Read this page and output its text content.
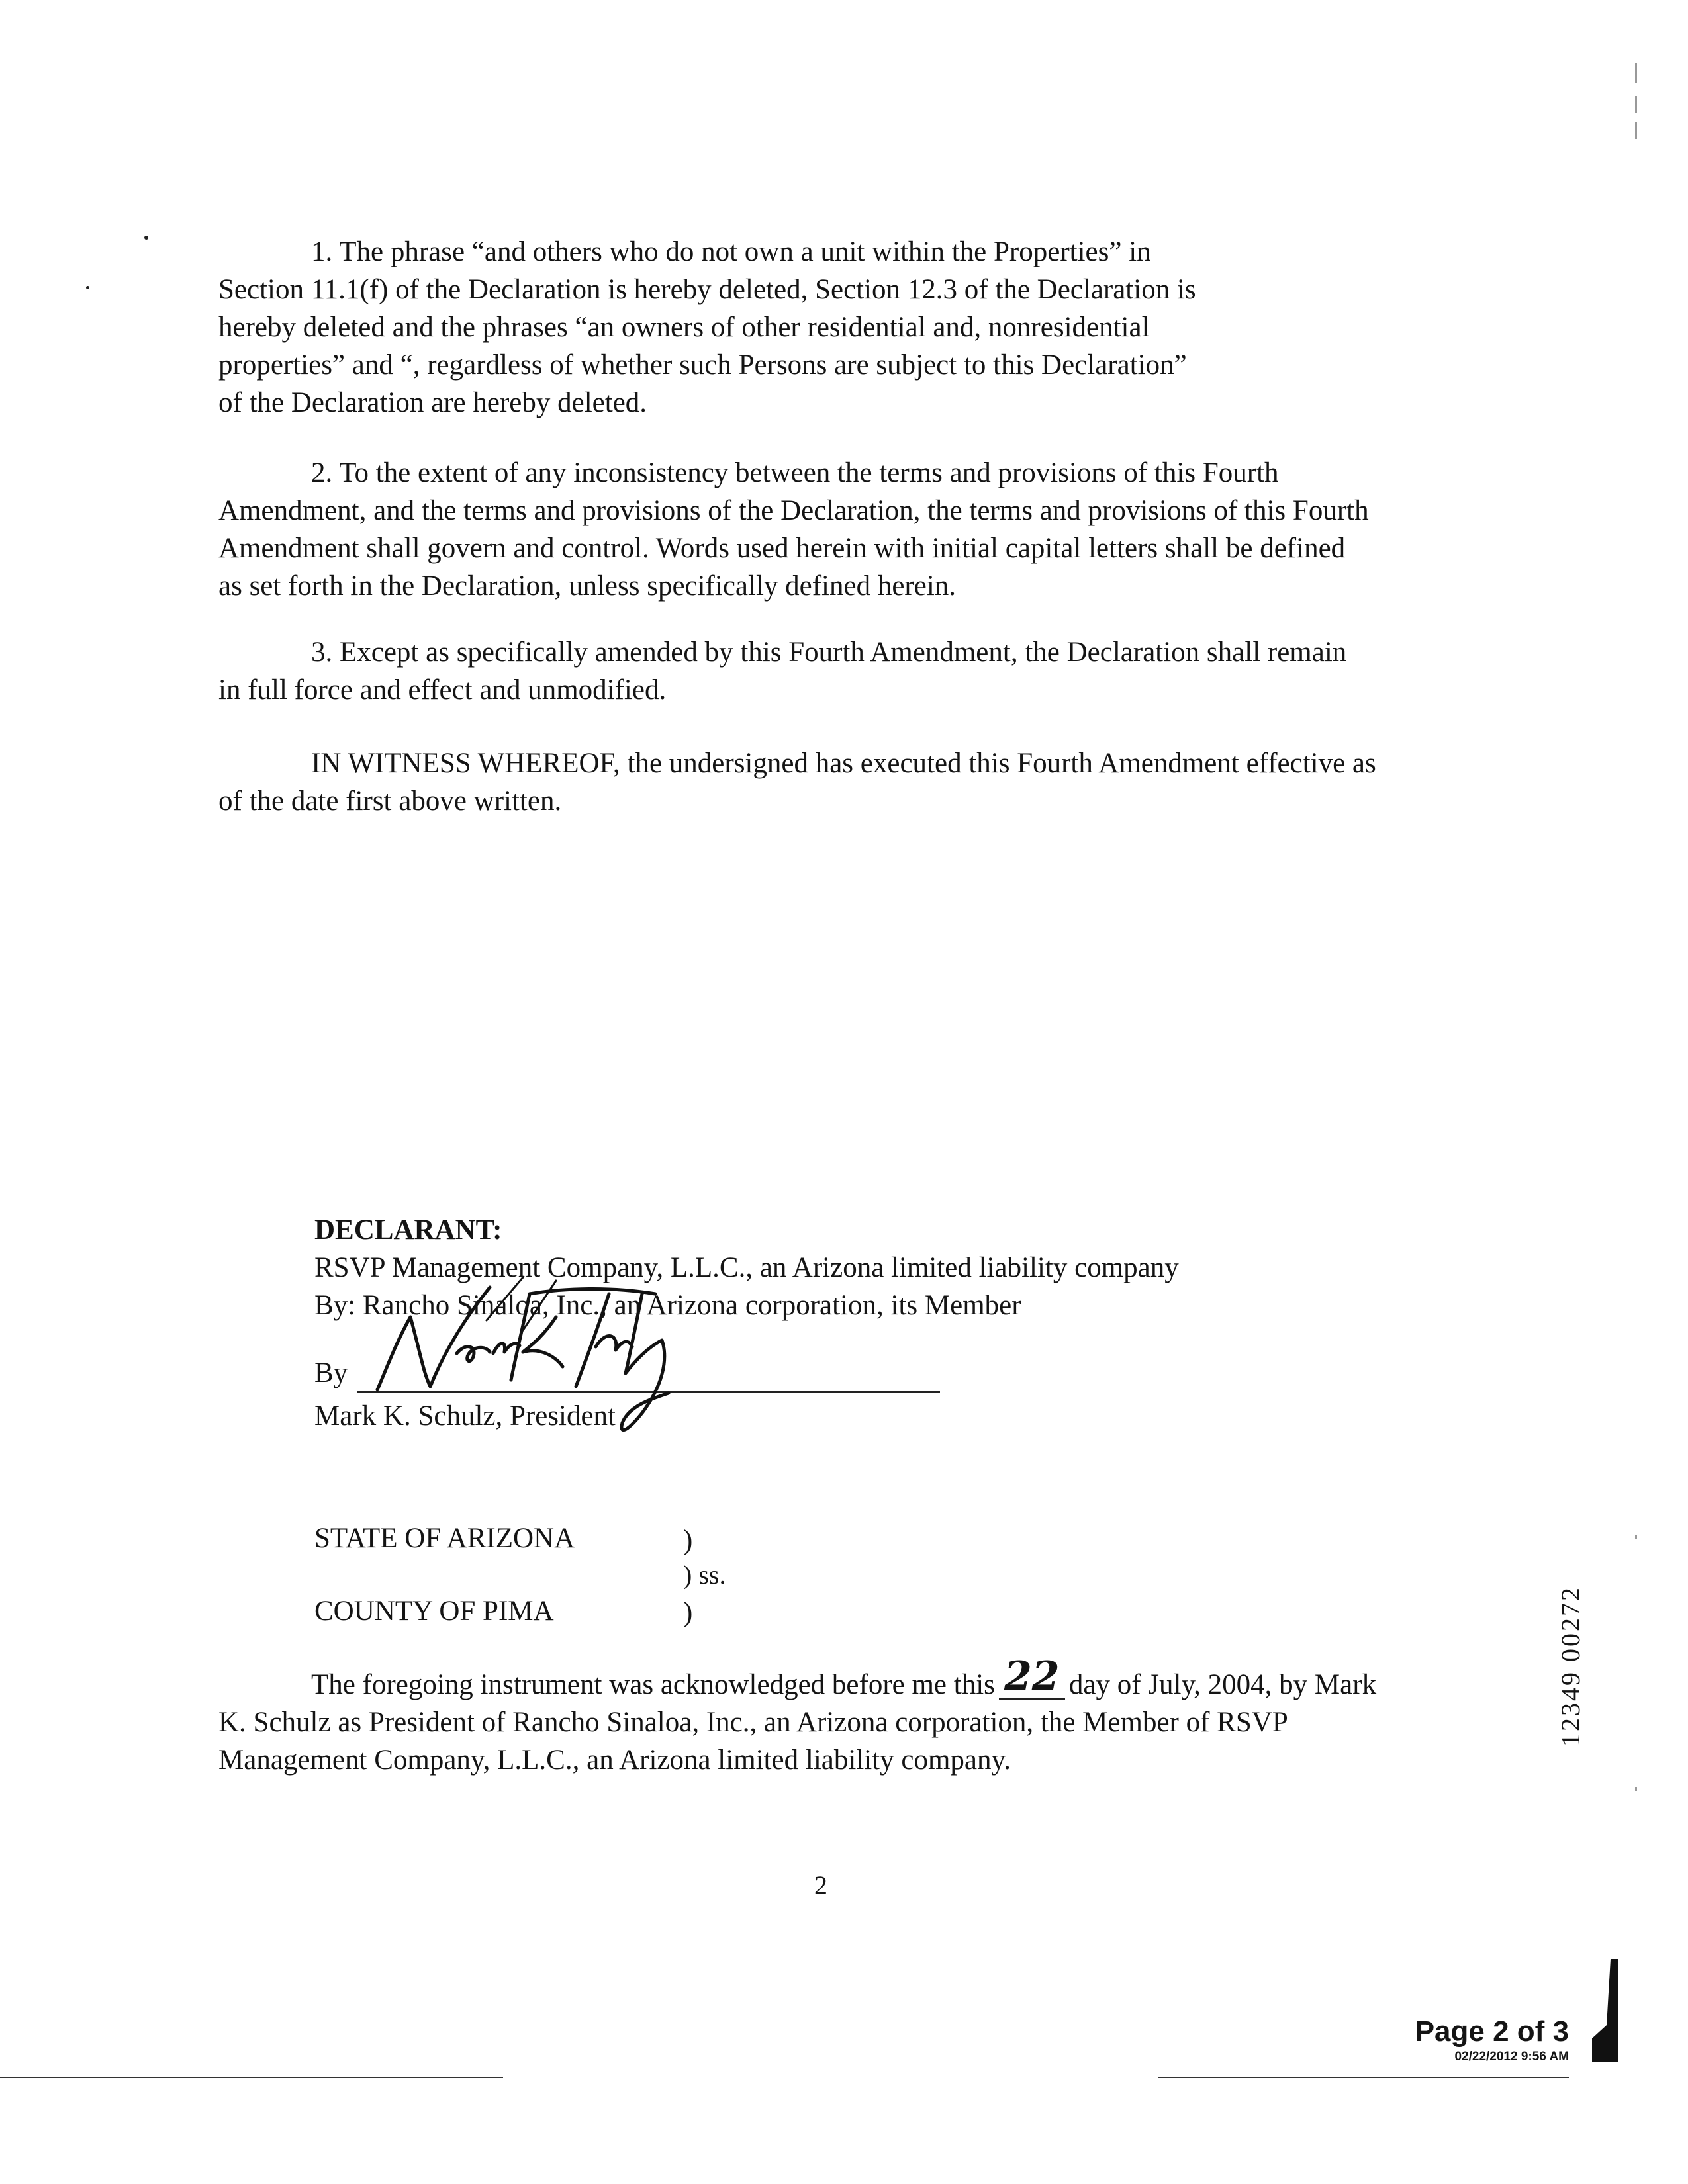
1. The phrase “and others who do not own a unit within the Properties” in
Section 11.1(f) of the Declaration is hereby deleted, Section 12.3 of the Declaration is
hereby deleted and the phrases “an owners of other residential and, nonresidential
properties” and “, regardless of whether such Persons are subject to this Declaration”
of the Declaration are hereby deleted.
2. To the extent of any inconsistency between the terms and provisions of this Fourth
Amendment, and the terms and provisions of the Declaration, the terms and provisions of this Fourth
Amendment shall govern and control. Words used herein with initial capital letters shall be defined
as set forth in the Declaration, unless specifically defined herein.
3. Except as specifically amended by this Fourth Amendment, the Declaration shall remain
in full force and effect and unmodified.
IN WITNESS WHEREOF, the undersigned has executed this Fourth Amendment effective as
of the date first above written.
DECLARANT:
RSVP Management Company, L.L.C., an Arizona limited liability company
By: Rancho Sinaloa, Inc., an Arizona corporation, its Member
By
Mark K. Schulz, President
STATE OF ARIZONA
COUNTY OF PIMA
)
) ss.
)
The foregoing instrument was acknowledged before me this 22 day of July, 2004, by Mark
K. Schulz as President of Rancho Sinaloa, Inc., an Arizona corporation, the Member of RSVP
Management Company, L.L.C., an Arizona limited liability company.
2
12349 00272
Page 2 of 3
02/22/2012 9:56 AM
